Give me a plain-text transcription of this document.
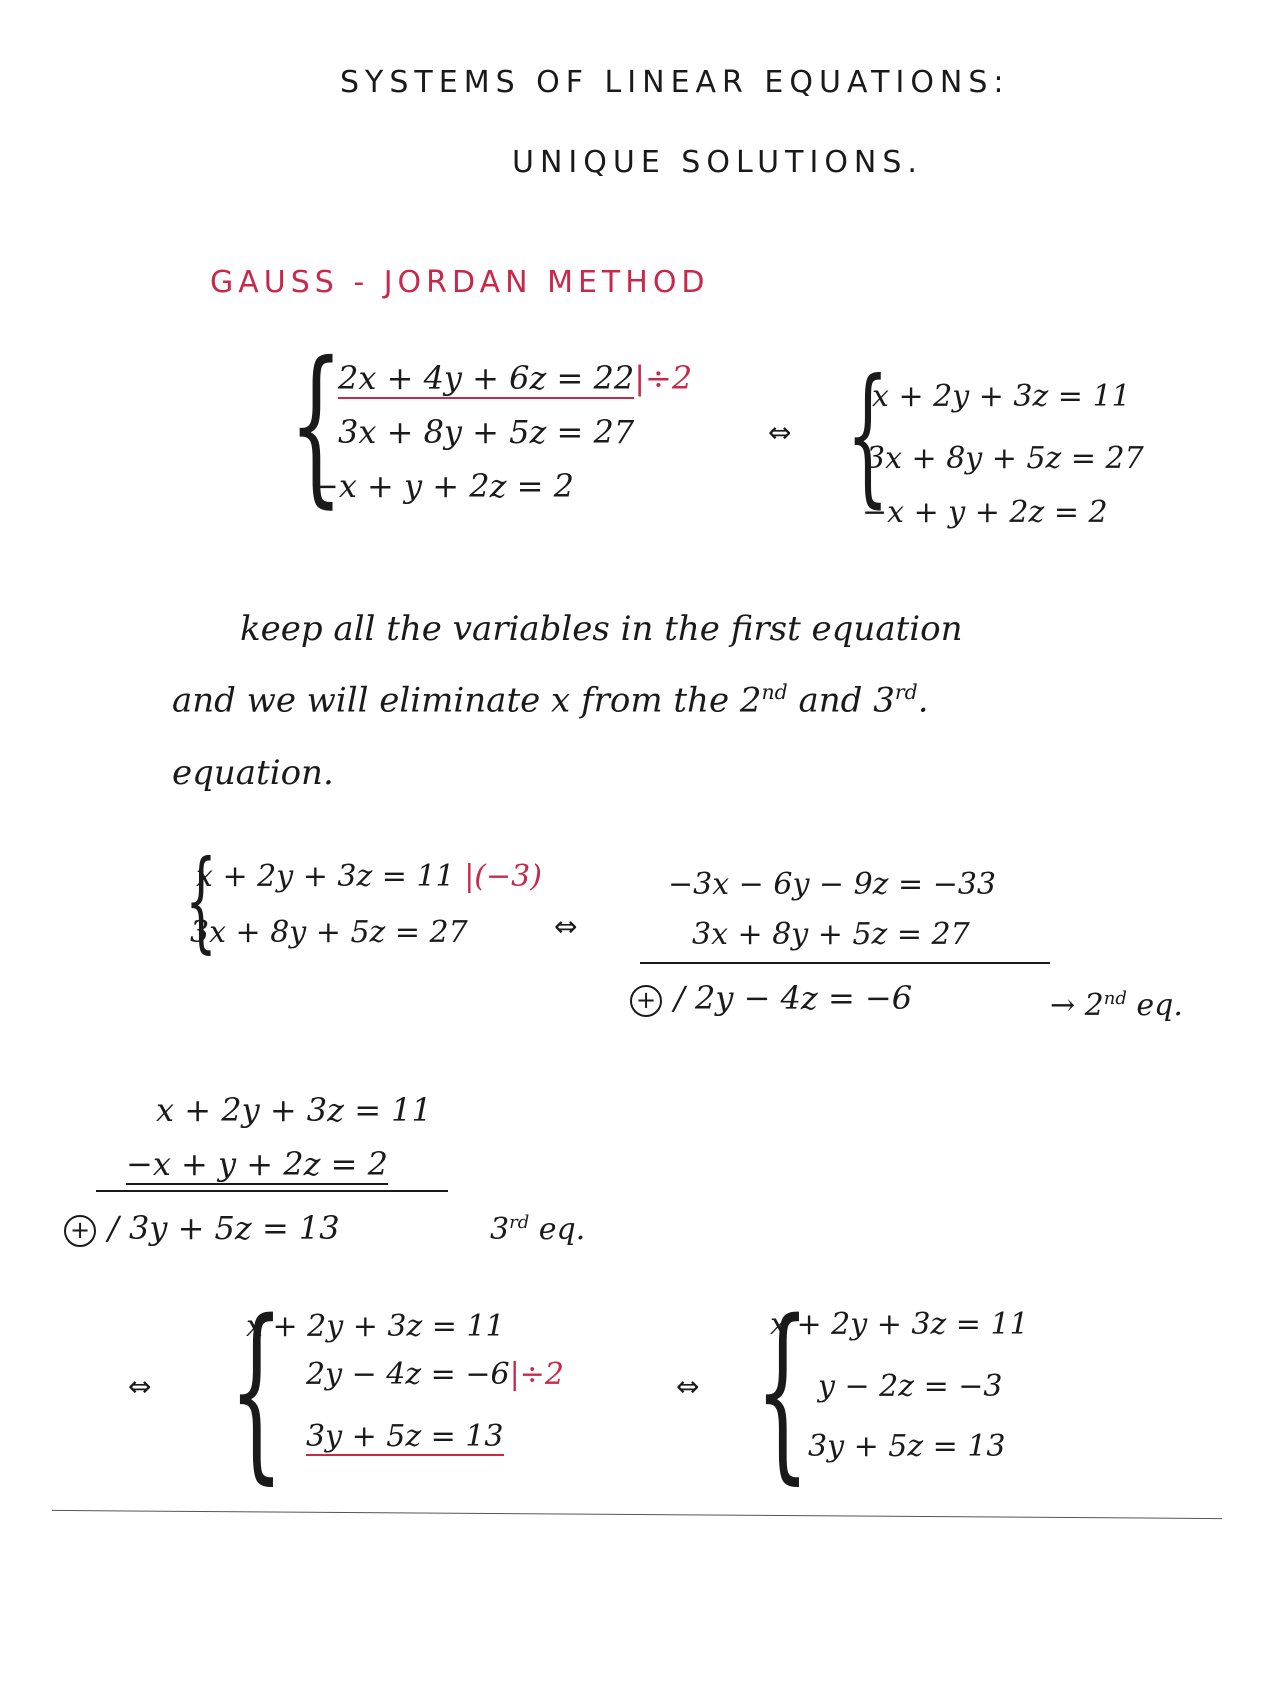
SYSTEMS OF LINEAR EQUATIONS:
UNIQUE SOLUTIONS.
GAUSS - JORDAN METHOD
{
2x + 4y + 6z = 22|÷2
3x + 8y + 5z = 27
−x + y + 2z = 2
⇔ {
x + 2y + 3z = 11
3x + 8y + 5z = 27
−x + y + 2z = 2
keep all the variables in the first equation
and we will eliminate x from the 2nd and 3rd.
equation.
{
x + 2y + 3z = 11 |(−3)
3x + 8y + 5z = 27	⇔
−3x − 6y − 9z = −33
3x + 8y + 5z = 27
+ / 2y − 4z = −6	→ 2nd eq.
x + 2y + 3z = 11
−x + y + 2z = 2
+ / 3y + 5z = 13	3rd eq.
⇔ {
x + 2y + 3z = 11
2y − 4z = −6|÷2
3y + 5z = 13
⇔ {
x + 2y + 3z = 11
y − 2z = −3
3y + 5z = 13
